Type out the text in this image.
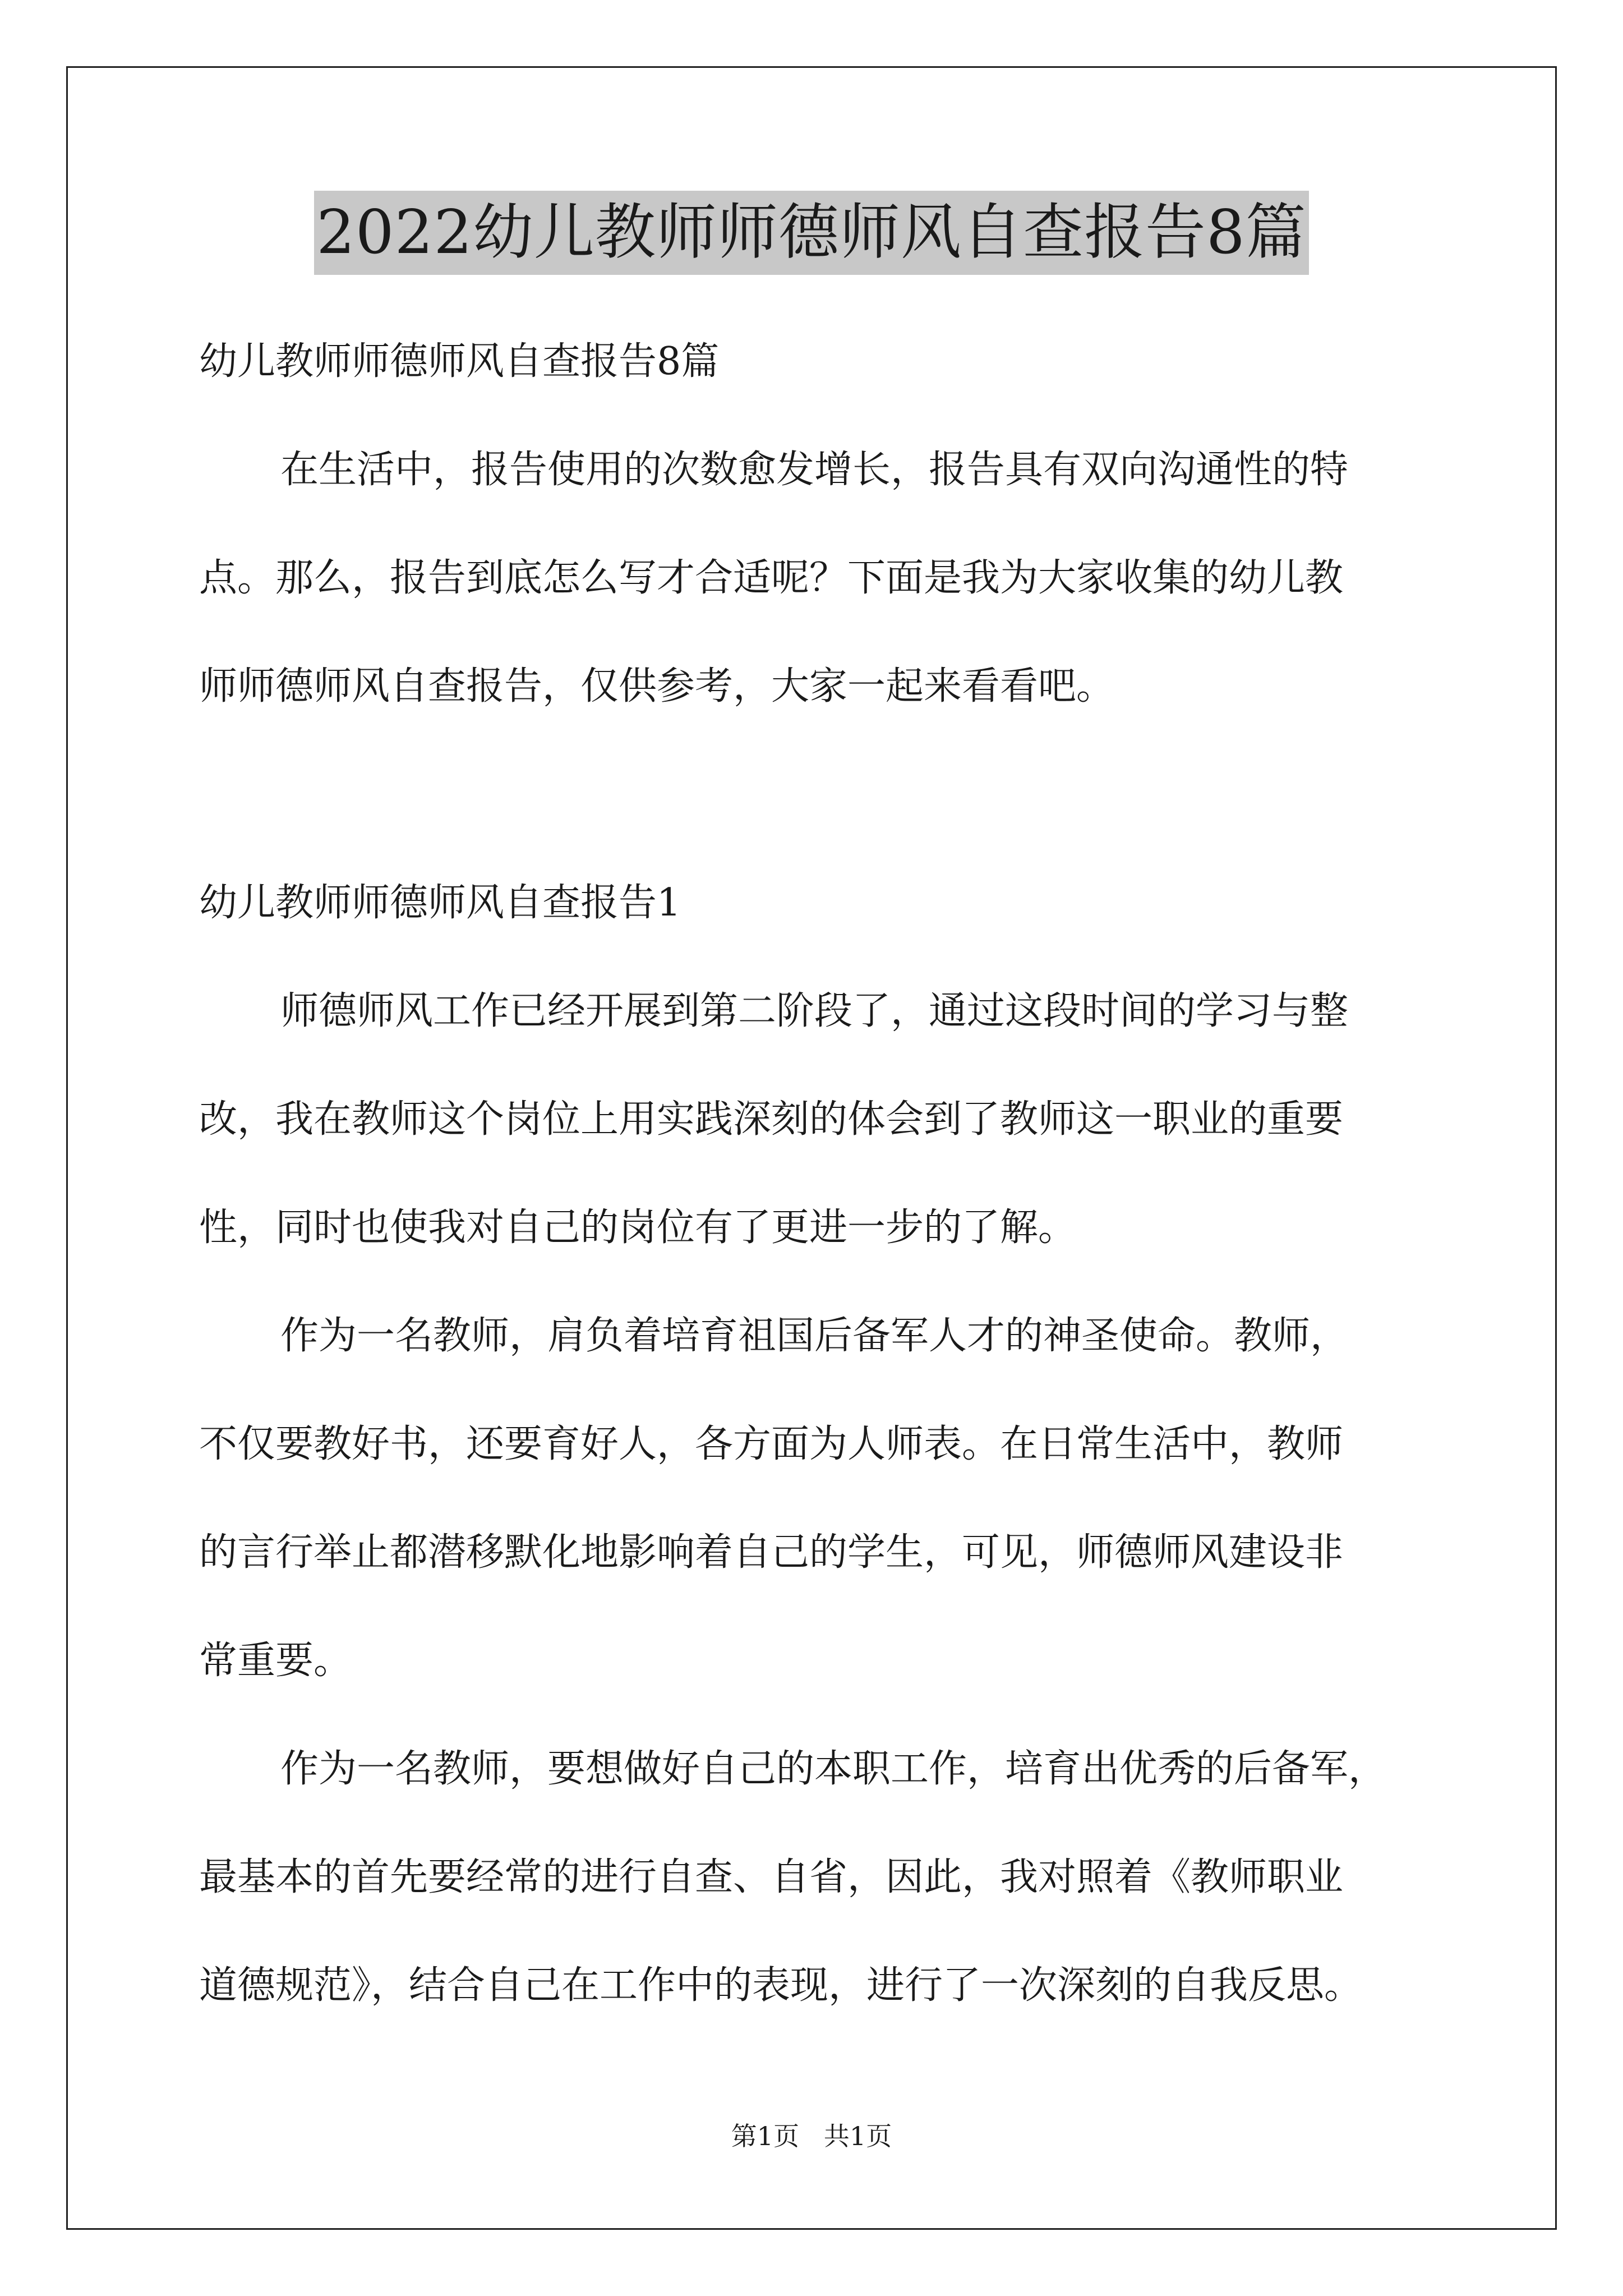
2022幼儿教师师德师风自查报告8篇
幼儿教师师德师风自查报告8篇
在生活中，报告使用的次数愈发增长，报告具有双向沟通性的特
点。那么，报告到底怎么写才合适呢？下面是我为大家收集的幼儿教
师师德师风自查报告，仅供参考，大家一起来看看吧。
幼儿教师师德师风自查报告1
师德师风工作已经开展到第二阶段了，通过这段时间的学习与整
改，我在教师这个岗位上用实践深刻的体会到了教师这一职业的重要
性，同时也使我对自己的岗位有了更进一步的了解。
作为一名教师，肩负着培育祖国后备军人才的神圣使命。教师，
不仅要教好书，还要育好人，各方面为人师表。在日常生活中，教师
的言行举止都潜移默化地影响着自己的学生，可见，师德师风建设非
常重要。
作为一名教师，要想做好自己的本职工作，培育出优秀的后备军，
最基本的首先要经常的进行自查、自省，因此，我对照着《教师职业
道德规范》，结合自己在工作中的表现，进行了一次深刻的自我反思。
第1页   共1页
